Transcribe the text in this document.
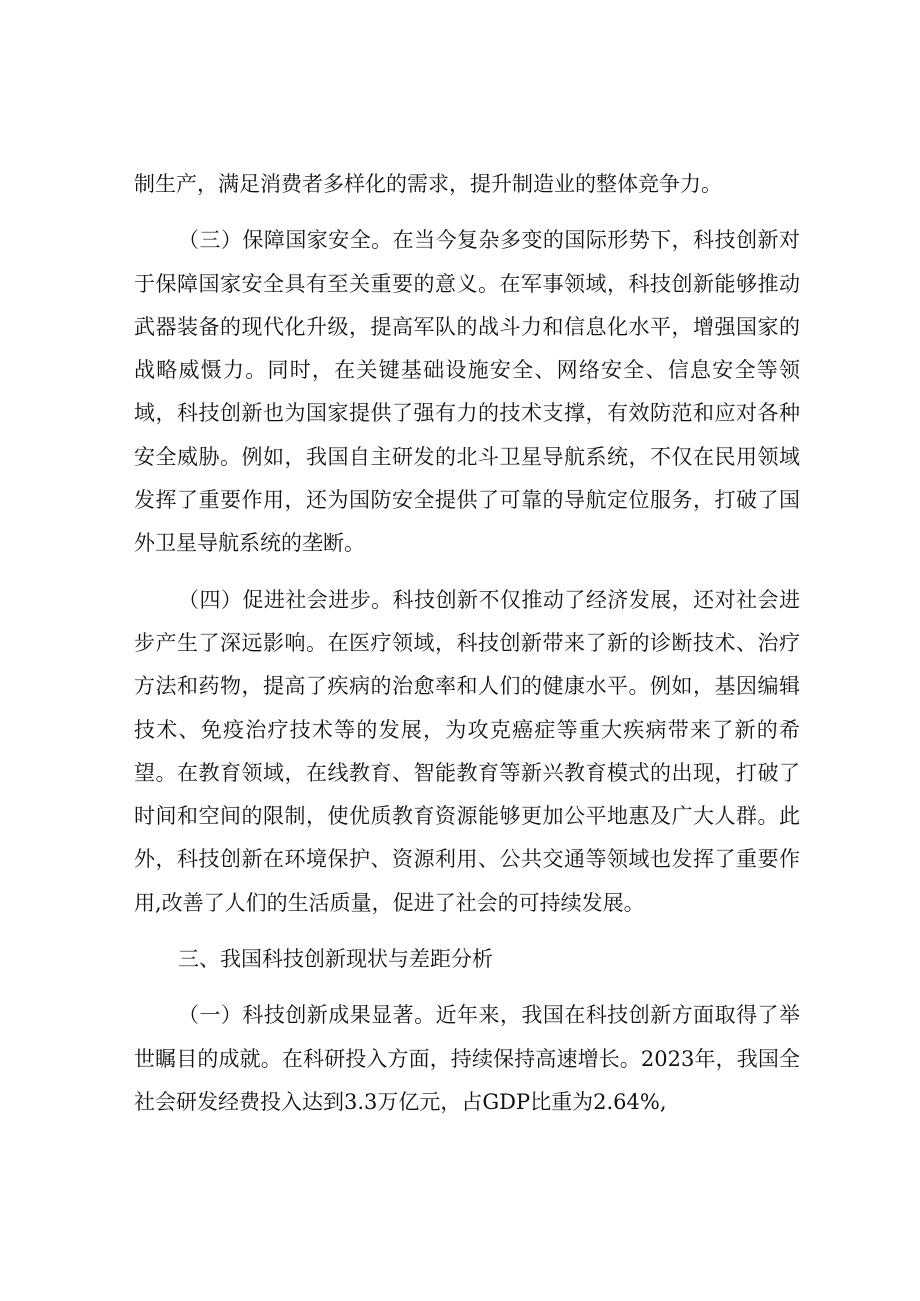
制生产，满足消费者多样化的需求，提升制造业的整体竞争力。

（三）保障国家安全。在当今复杂多变的国际形势下，科技创新对于保障国家安全具有至关重要的意义。在军事领域，科技创新能够推动武器装备的现代化升级，提高军队的战斗力和信息化水平，增强国家的战略威慑力。同时，在关键基础设施安全、网络安全、信息安全等领域，科技创新也为国家提供了强有力的技术支撑，有效防范和应对各种安全威胁。例如，我国自主研发的北斗卫星导航系统，不仅在民用领域发挥了重要作用，还为国防安全提供了可靠的导航定位服务，打破了国外卫星导航系统的垄断。

（四）促进社会进步。科技创新不仅推动了经济发展，还对社会进步产生了深远影响。在医疗领域，科技创新带来了新的诊断技术、治疗方法和药物，提高了疾病的治愈率和人们的健康水平。例如，基因编辑技术、免疫治疗技术等的发展，为攻克癌症等重大疾病带来了新的希望。在教育领域，在线教育、智能教育等新兴教育模式的出现，打破了时间和空间的限制，使优质教育资源能够更加公平地惠及广大人群。此外，科技创新在环境保护、资源利用、公共交通等领域也发挥了重要作用,改善了人们的生活质量，促进了社会的可持续发展。

三、我国科技创新现状与差距分析

（一）科技创新成果显著。近年来，我国在科技创新方面取得了举世瞩目的成就。在科研投入方面，持续保持高速增长。2023年，我国全社会研发经费投入达到3.3万亿元，占GDP比重为2.64%,
